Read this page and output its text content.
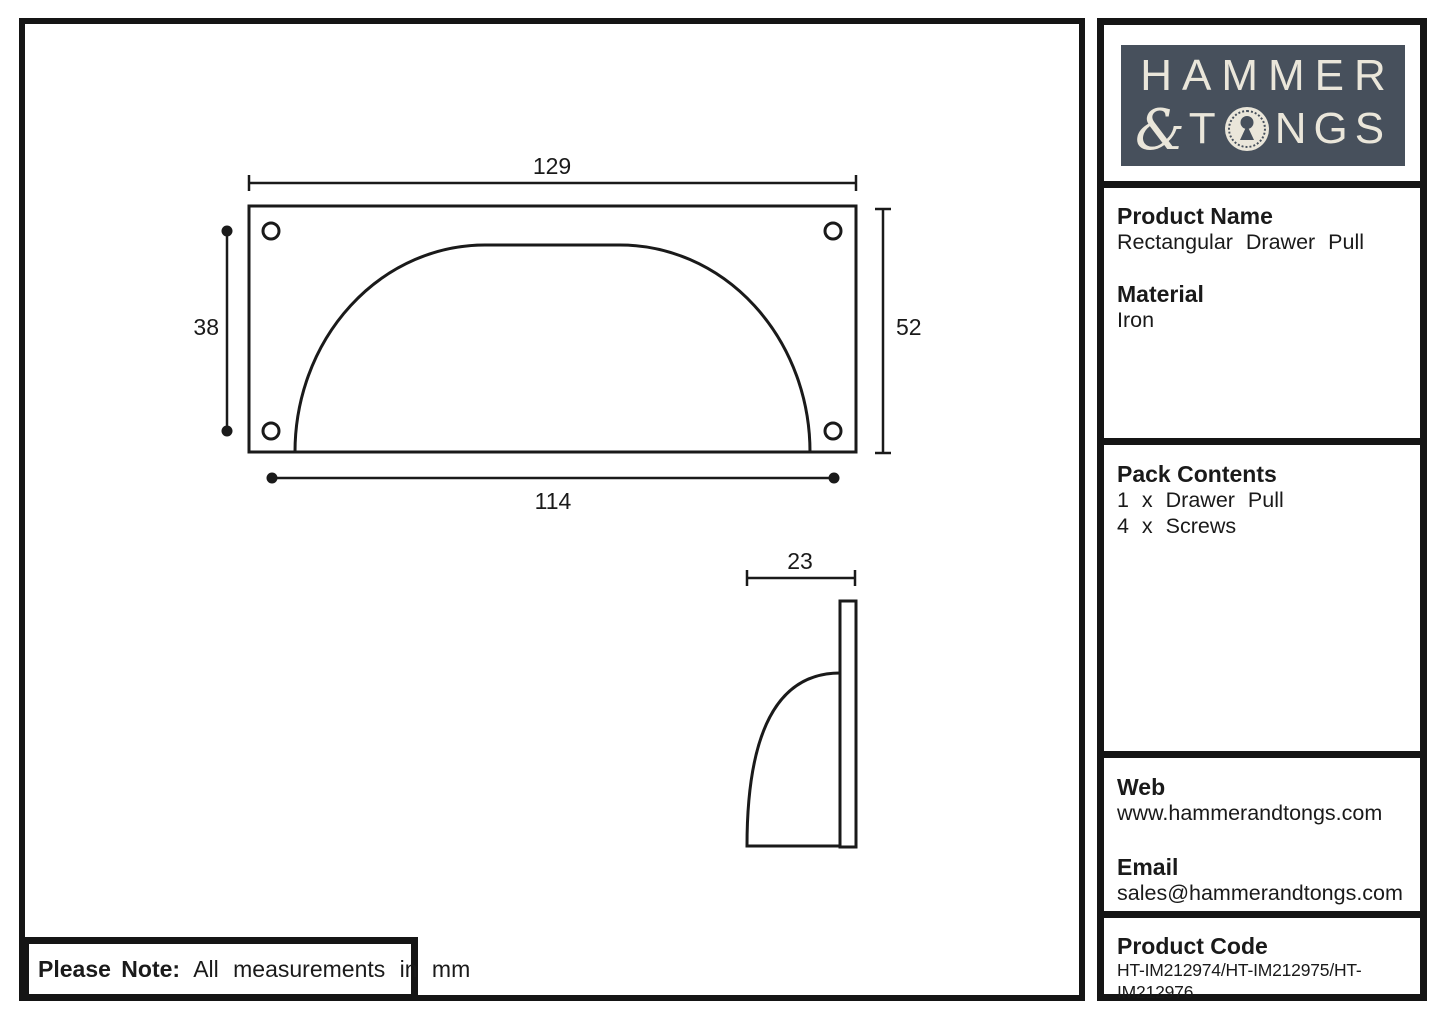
129
52
38
114
23
HAMMER
& T NGS
Product Name
Rectangular Drawer Pull
Material
Iron
Pack Contents
1 x Drawer Pull
4 x Screws
Web
www.hammerandtongs.com
Email
sales@hammerandtongs.com
Product Code
HT-IM212974/HT-IM212975/HT-IM212976
Please Note: All measurements in mm
